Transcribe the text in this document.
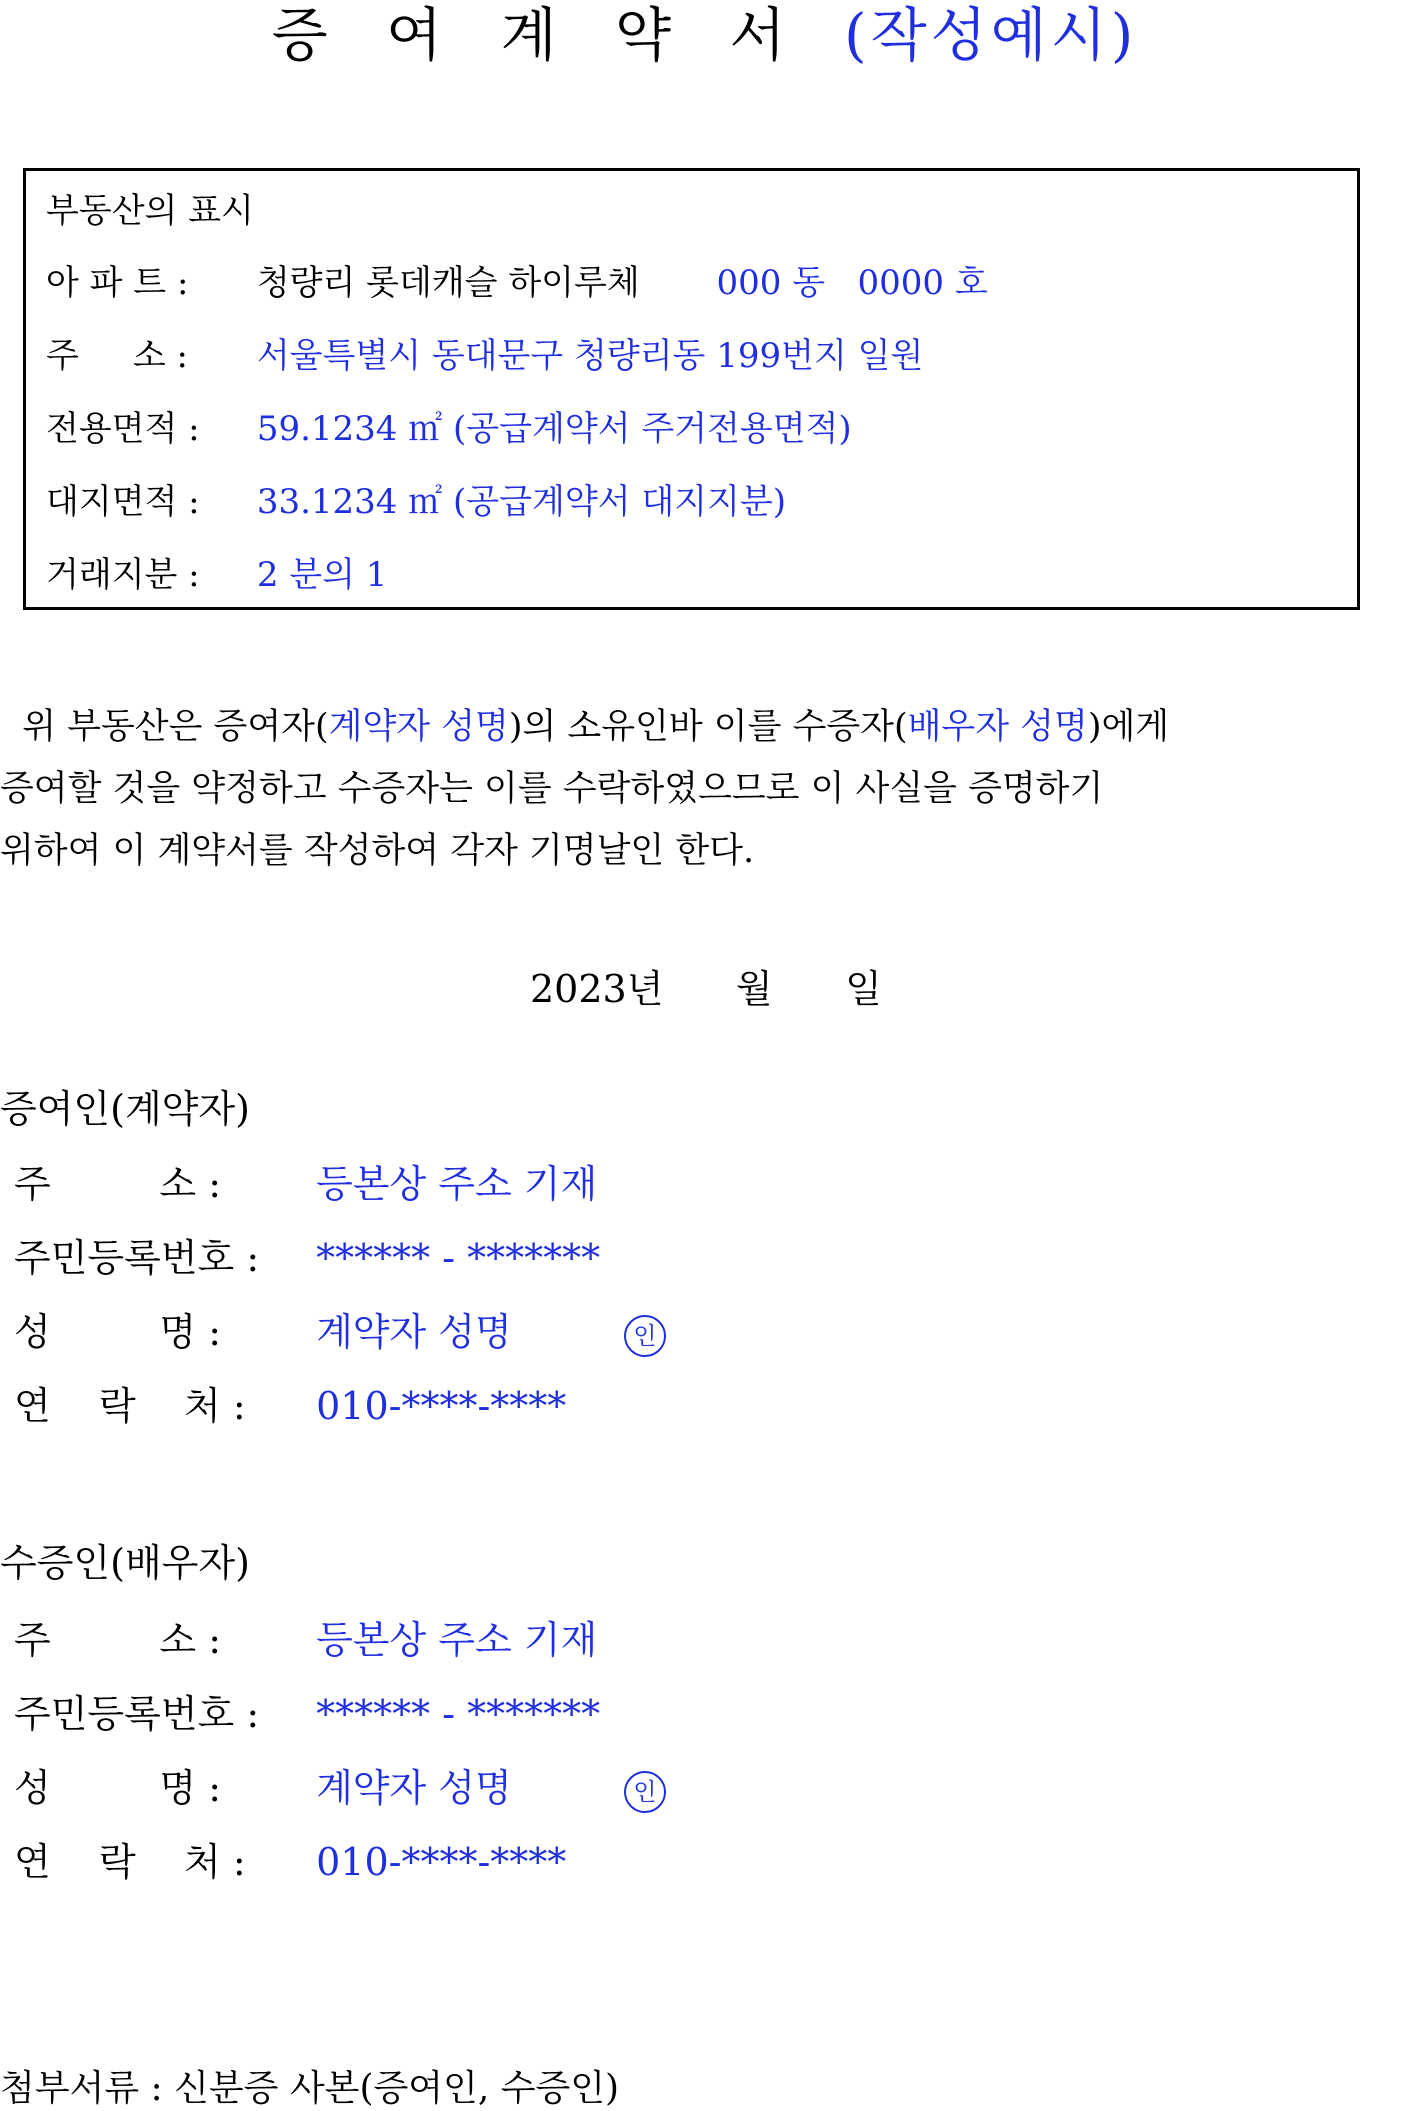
증 여 계 약 서 (작성예시)
부동산의 표시
아 파 트 : 청량리 롯데캐슬 하이루체 000 동   0000 호
주     소 : 서울특별시 동대문구 청량리동 199번지 일원
전용면적 : 59.1234 ㎡ (공급계약서 주거전용면적)
대지면적 : 33.1234 ㎡ (공급계약서 대지지분)
거래지분 : 2 분의 1
위 부동산은 증여자(계약자 성명)의 소유인바 이를 수증자(배우자 성명)에게
증여할 것을 약정하고 수증자는 이를 수락하였으므로 이 사실을 증명하기
위하여 이 계약서를 작성하여 각자 기명날인 한다.
2023년      월      일
증여인(계약자)
주         소 :	등본상 주소 기재
주민등록번호 : ****** - *******
성         명 :	계약자 성명	인
연    락    처 : 010-****-****
수증인(배우자)
주         소 :	등본상 주소 기재
주민등록번호 : ****** - *******
성         명 :	계약자 성명	인
연    락    처 : 010-****-****
첨부서류 : 신분증 사본(증여인, 수증인)
